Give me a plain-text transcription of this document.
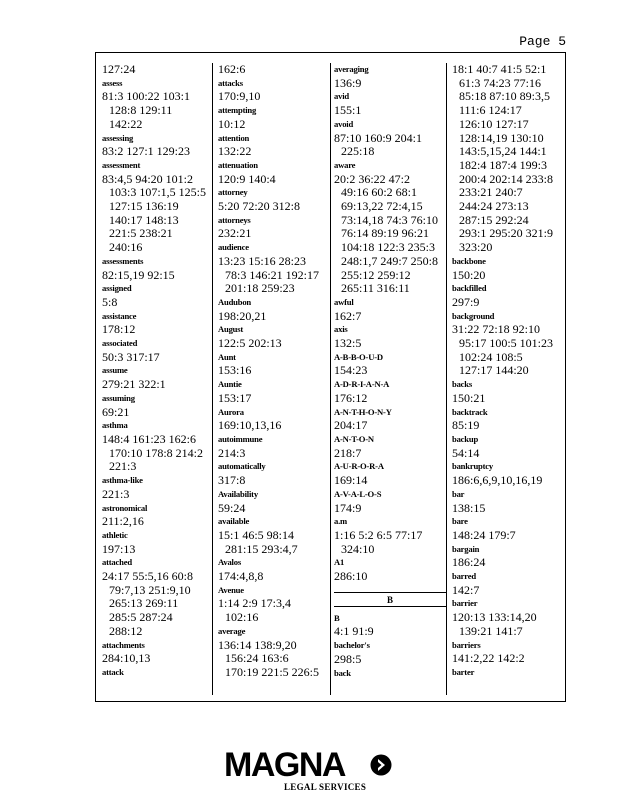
Page 5
127:24
assess
81:3 100:22 103:1
128:8 129:11
142:22
assessing
83:2 127:1 129:23
assessment
83:4,5 94:20 101:2
103:3 107:1,5 125:5
127:15 136:19
140:17 148:13
221:5 238:21
240:16
assessments
82:15,19 92:15
assigned
5:8
assistance
178:12
associated
50:3 317:17
assume
279:21 322:1
assuming
69:21
asthma
148:4 161:23 162:6
170:10 178:8 214:2
221:3
asthma-like
221:3
astronomical
211:2,16
athletic
197:13
attached
24:17 55:5,16 60:8
79:7,13 251:9,10
265:13 269:11
285:5 287:24
288:12
attachments
284:10,13
attack
162:6
attacks
170:9,10
attempting
10:12
attention
132:22
attenuation
120:9 140:4
attorney
5:20 72:20 312:8
attorneys
232:21
audience
13:23 15:16 28:23
78:3 146:21 192:17
201:18 259:23
Audubon
198:20,21
August
122:5 202:13
Aunt
153:16
Auntie
153:17
Aurora
169:10,13,16
autoimmune
214:3
automatically
317:8
Availability
59:24
available
15:1 46:5 98:14
281:15 293:4,7
Avalos
174:4,8,8
Avenue
1:14 2:9 17:3,4
102:16
average
136:14 138:9,20
156:24 163:6
170:19 221:5 226:5
averaging
136:9
avid
155:1
avoid
87:10 160:9 204:1
225:18
aware
20:2 36:22 47:2
49:16 60:2 68:1
69:13,22 72:4,15
73:14,18 74:3 76:10
76:14 89:19 96:21
104:18 122:3 235:3
248:1,7 249:7 250:8
255:12 259:12
265:11 316:11
awful
162:7
axis
132:5
A-B-B-O-U-D
154:23
A-D-R-I-A-N-A
176:12
A-N-T-H-O-N-Y
204:17
A-N-T-O-N
218:7
A-U-R-O-R-A
169:14
A-V-A-L-O-S
174:9
a.m
1:16 5:2 6:5 77:17
324:10
A1
286:10
B
B
4:1 91:9
bachelor's
298:5
back
18:1 40:7 41:5 52:1
61:3 74:23 77:16
85:18 87:10 89:3,5
111:6 124:17
126:10 127:17
128:14,19 130:10
143:5,15,24 144:1
182:4 187:4 199:3
200:4 202:14 233:8
233:21 240:7
244:24 273:13
287:15 292:24
293:1 295:20 321:9
323:20
backbone
150:20
backfilled
297:9
background
31:22 72:18 92:10
95:17 100:5 101:23
102:24 108:5
127:17 144:20
backs
150:21
backtrack
85:19
backup
54:14
bankruptcy
186:6,6,9,10,16,19
bar
138:15
bare
148:24 179:7
bargain
186:24
barred
142:7
barrier
120:13 133:14,20
139:21 141:7
barriers
141:2,22 142:2
barter
MAGNA
LEGAL SERVICES
